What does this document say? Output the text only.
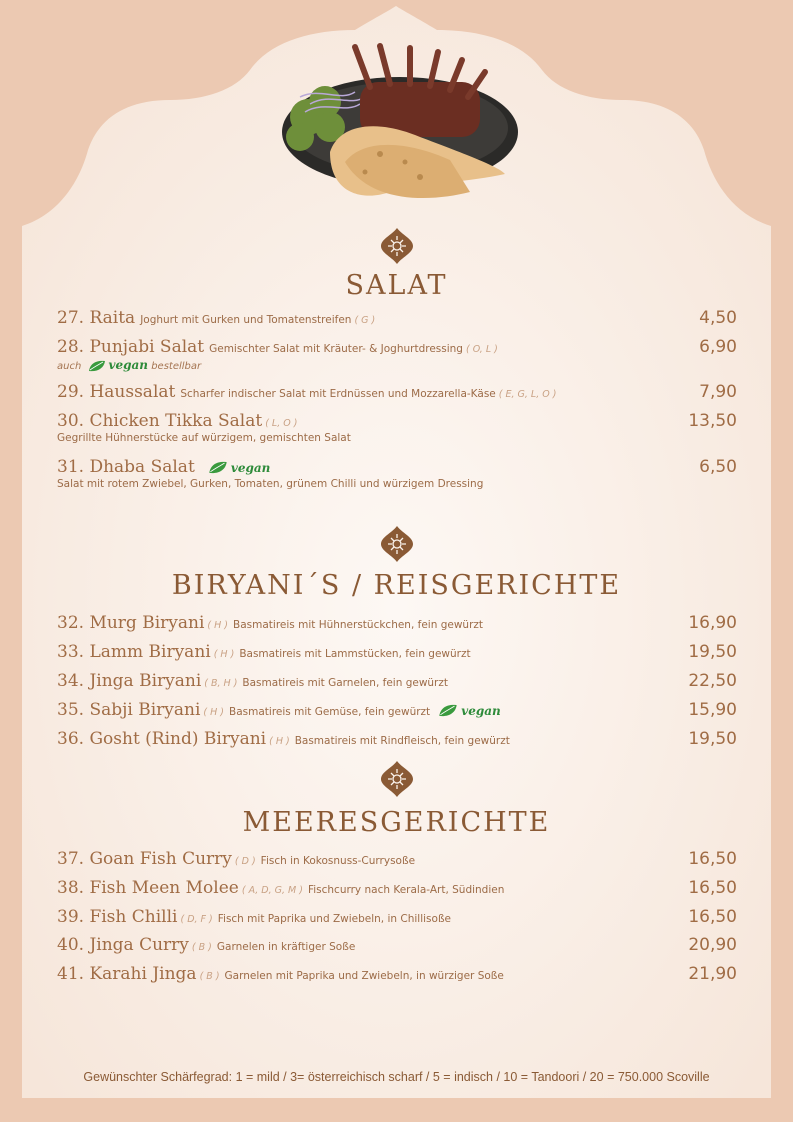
SALAT
27. Raita Joghurt mit Gurken und Tomatenstreifen ( G )	4,50
28. Punjabi Salat Gemischter Salat mit Kräuter- & Joghurtdressing ( O, L )	6,90
auch vegan bestellbar
29. Haussalat Scharfer indischer Salat mit Erdnüssen und Mozzarella-Käse ( E, G, L, O )	7,90
30. Chicken Tikka Salat ( L, O )	13,50
Gegrillte Hühnerstücke auf würzigem, gemischten Salat
31. Dhaba Salat	vegan	6,50
Salat mit rotem Zwiebel, Gurken, Tomaten, grünem Chilli und würzigem Dressing
BIRYANI´S / REISGERICHTE
32. Murg Biryani ( H ) Basmatireis mit Hühnerstückchen, fein gewürzt	16,90
33. Lamm Biryani ( H ) Basmatireis mit Lammstücken, fein gewürzt	19,50
34. Jinga Biryani ( B, H ) Basmatireis mit Garnelen, fein gewürzt	22,50
35. Sabji Biryani ( H ) Basmatireis mit Gemüse, fein gewürzt	vegan	15,90
36. Gosht (Rind) Biryani ( H ) Basmatireis mit Rindfleisch, fein gewürzt	19,50
MEERESGERICHTE
37. Goan Fish Curry ( D ) Fisch in Kokosnuss-Currysoße	16,50
38. Fish Meen Molee ( A, D, G, M ) Fischcurry nach Kerala-Art, Südindien	16,50
39. Fish Chilli ( D, F ) Fisch mit Paprika und Zwiebeln, in Chillisoße	16,50
40. Jinga Curry ( B ) Garnelen in kräftiger Soße	20,90
41. Karahi Jinga ( B ) Garnelen mit Paprika und Zwiebeln, in würziger Soße	21,90
Gewünschter Schärfegrad: 1 = mild / 3= österreichisch scharf / 5 = indisch / 10 = Tandoori / 20 = 750.000 Scoville
